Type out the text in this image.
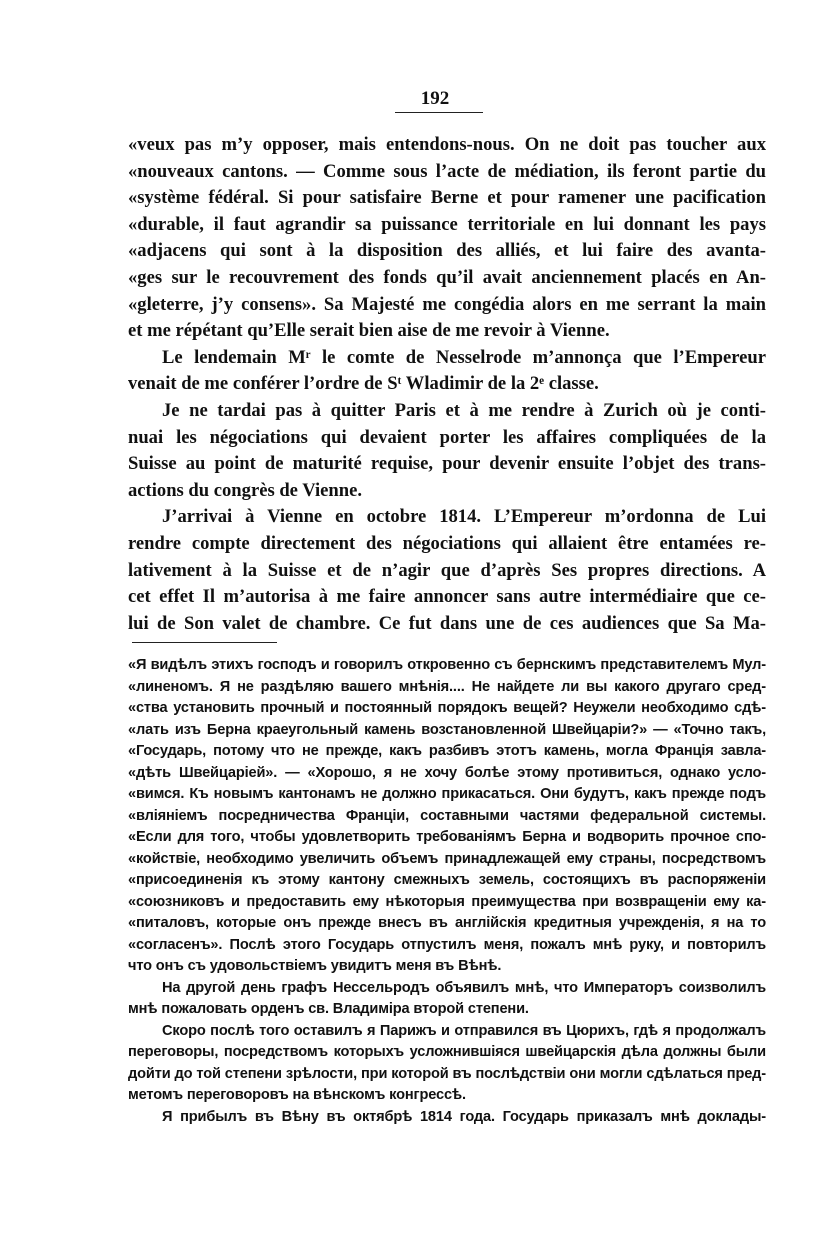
192
«veux pas m’y opposer, mais entendons-nous. On ne doit pas toucher aux
«nouveaux cantons. — Comme sous l’acte de médiation, ils feront partie du
«système fédéral. Si pour satisfaire Berne et pour ramener une pacification
«durable, il faut agrandir sa puissance territoriale en lui donnant les pays
«adjacens qui sont à la disposition des alliés, et lui faire des avanta-
«ges sur le recouvrement des fonds qu’il avait anciennement placés en An-
«gleterre, j’y consens». Sa Majesté me congédia alors en me serrant la main
et me répétant qu’Elle serait bien aise de me revoir à Vienne.
Le lendemain Mʳ le comte de Nesselrode m’annonça que l’Empereur
venait de me conférer l’ordre de Sᵗ Wladimir de la 2ᵉ classe.
Je ne tardai pas à quitter Paris et à me rendre à Zurich où je conti-
nuai les négociations qui devaient porter les affaires compliquées de la
Suisse au point de maturité requise, pour devenir ensuite l’objet des trans-
actions du congrès de Vienne.
J’arrivai à Vienne en octobre 1814. L’Empereur m’ordonna de Lui
rendre compte directement des négociations qui allaient être entamées re-
lativement à la Suisse et de n’agir que d’après Ses propres directions. A
cet effet Il m’autorisa à me faire annoncer sans autre intermédiaire que ce-
lui de Son valet de chambre. Ce fut dans une de ces audiences que Sa Ma-
«Я видѣлъ этихъ господъ и говорилъ откровенно съ бернскимъ представителемъ Мул-
«линеномъ. Я не раздѣляю вашего мнѣнія.... Не найдете ли вы какого другаго сред-
«ства установить прочный и постоянный порядокъ вещей? Неужели необходимо сдѣ-
«лать изъ Берна краеугольный камень возстановленной Швейцаріи?» — «Точно такъ,
«Государь, потому что не прежде, какъ разбивъ этотъ камень, могла Франція завла-
«дѣть Швейцаріей». — «Хорошо, я не хочу болѣе этому противиться, однако усло-
«вимся. Къ новымъ кантонамъ не должно прикасаться. Они будутъ, какъ прежде подъ
«вліяніемъ посредничества Франціи, составными частями федеральной системы.
«Если для того, чтобы удовлетворить требованіямъ Берна и водворить прочное спо-
«койствіе, необходимо увеличить объемъ принадлежащей ему страны, посредствомъ
«присоединенія къ этому кантону смежныхъ земель, состоящихъ въ распоряженіи
«союзниковъ и предоставить ему нѣкоторыя преимущества при возвращеніи ему ка-
«питаловъ, которые онъ прежде внесъ въ англійскія кредитныя учрежденія, я на то
«согласенъ». Послѣ этого Государь отпустилъ меня, пожалъ мнѣ руку, и повторилъ
что онъ съ удовольствіемъ увидитъ меня въ Вѣнѣ.
На другой день графъ Нессельродъ объявилъ мнѣ, что Императоръ соизволилъ
мнѣ пожаловать орденъ св. Владиміра второй степени.
Скоро послѣ того оставилъ я Парижъ и отправился въ Цюрихъ, гдѣ я продолжалъ
переговоры, посредствомъ которыхъ усложнившіяся швейцарскія дѣла должны были
дойти до той степени зрѣлости, при которой въ послѣдствіи они могли сдѣлаться пред-
метомъ переговоровъ на вѣнскомъ конгрессѣ.
Я прибылъ въ Вѣну въ октябрѣ 1814 года. Государь приказалъ мнѣ доклады-
